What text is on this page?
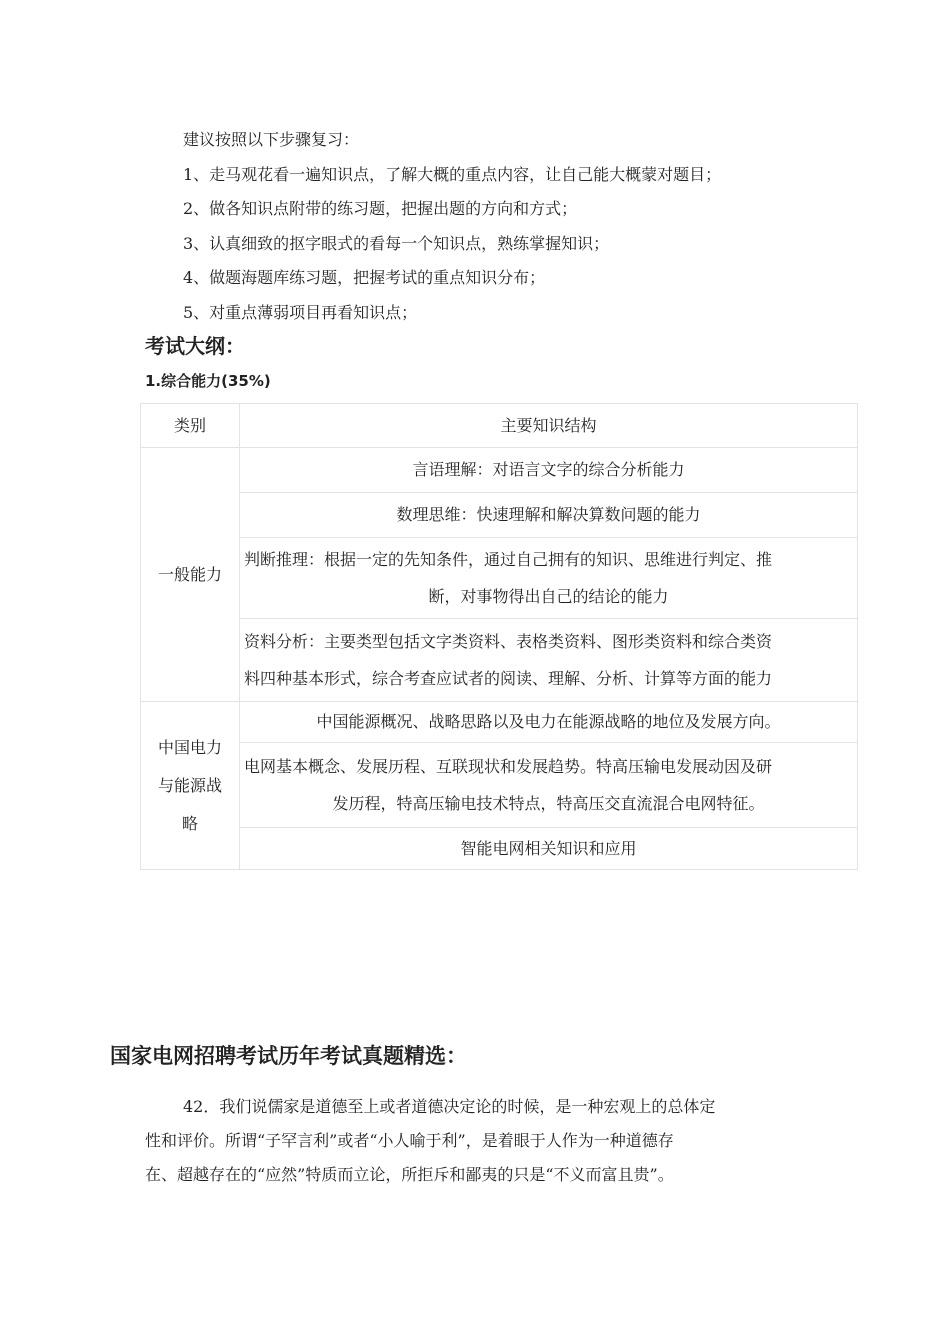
建议按照以下步骤复习：
1、走马观花看一遍知识点，了解大概的重点内容，让自己能大概蒙对题目；
2、做各知识点附带的练习题，把握出题的方向和方式；
3、认真细致的抠字眼式的看每一个知识点，熟练掌握知识；
4、做题海题库练习题，把握考试的重点知识分布；
5、对重点薄弱项目再看知识点；
考试大纲：
1.综合能力(35%)
类别	主要知识结构
一般能力	言语理解：对语言文字的综合分析能力
	数理思维：快速理解和解决算数问题的能力

	判断推理：根据一定的先知条件，通过自己拥有的知识、思维进行判定、推
断，对事物得出自己的结论的能力

	资料分析：主要类型包括文字类资料、表格类资料、图形类资料和综合类资
料四种基本形式，综合考查应试者的阅读、理解、分析、计算等方面的能力

中国电力
与能源战
略	中国能源概况、战略思路以及电力在能源战略的地位及发展方向。

	电网基本概念、发展历程、互联现状和发展趋势。特高压输电发展动因及研
发历程，特高压输电技术特点，特高压交直流混合电网特征。

	智能电网相关知识和应用
国家电网招聘考试历年考试真题精选：
42．我们说儒家是道德至上或者道德决定论的时候，是一种宏观上的总体定
性和评价。所谓“子罕言利”或者“小人喻于利”，是着眼于人作为一种道德存
在、超越存在的“应然”特质而立论，所拒斥和鄙夷的只是“不义而富且贵”。
